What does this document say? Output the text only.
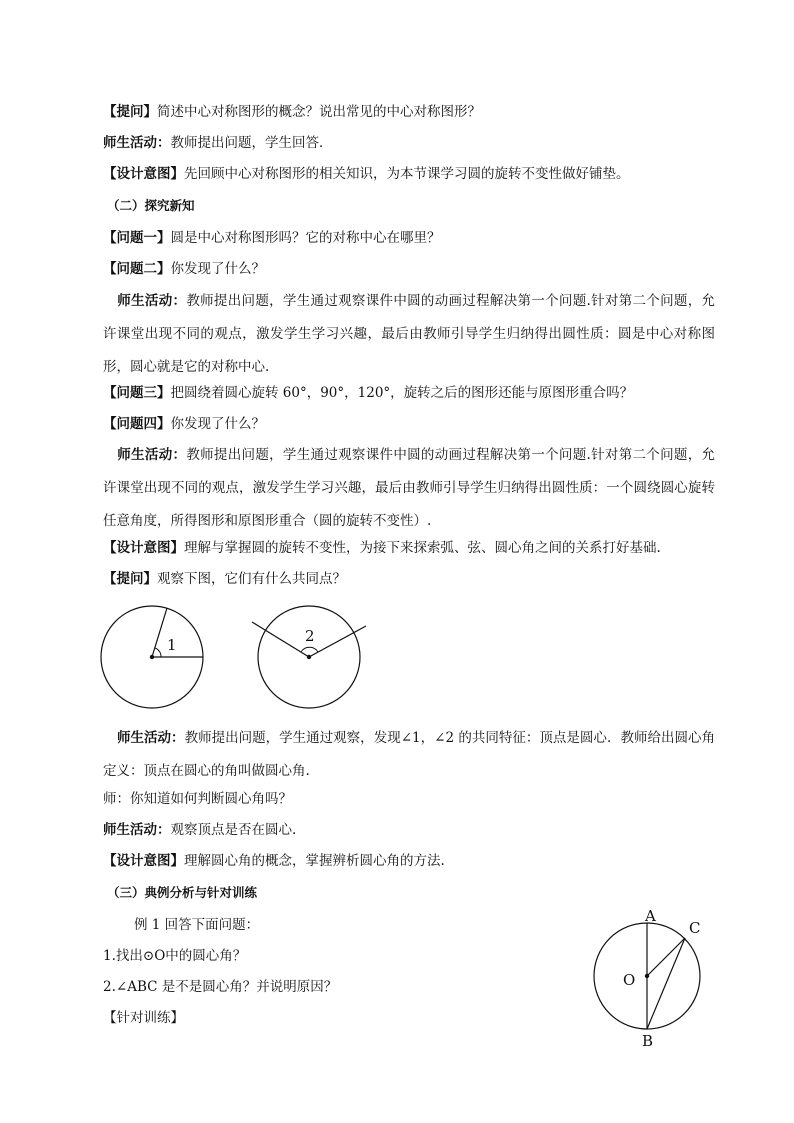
【提问】简述中心对称图形的概念？说出常见的中心对称图形？
师生活动：教师提出问题，学生回答．
【设计意图】先回顾中心对称图形的相关知识，为本节课学习圆的旋转不变性做好铺垫。
（二）探究新知
【问题一】圆是中心对称图形吗？它的对称中心在哪里？
【问题二】你发现了什么？
师生活动：教师提出问题，学生通过观察课件中圆的动画过程解决第一个问题.针对第二个问题，允许课堂出现不同的观点，激发学生学习兴趣，最后由教师引导学生归纳得出圆性质：圆是中心对称图形，圆心就是它的对称中心.
【问题三】把圆绕着圆心旋转 60°，90°，120°，旋转之后的图形还能与原图形重合吗？
【问题四】你发现了什么？
师生活动：教师提出问题，学生通过观察课件中圆的动画过程解决第一个问题.针对第二个问题，允许课堂出现不同的观点，激发学生学习兴趣，最后由教师引导学生归纳得出圆性质：一个圆绕圆心旋转任意角度，所得图形和原图形重合（圆的旋转不变性）.
【设计意图】理解与掌握圆的旋转不变性，为接下来探索弧、弦、圆心角之间的关系打好基础.
【提问】观察下图，它们有什么共同点？
1	2
师生活动：教师提出问题，学生通过观察，发现∠1，∠2 的共同特征：顶点是圆心．教师给出圆心角定义：顶点在圆心的角叫做圆心角.
师：你知道如何判断圆心角吗？
师生活动：观察顶点是否在圆心.
【设计意图】理解圆心角的概念，掌握辨析圆心角的方法.
（三）典例分析与针对训练
例 1 回答下面问题：
1.找出⊙O中的圆心角？
2.∠ABC 是不是圆心角？并说明原因？
【针对训练】
A
C
O
B
